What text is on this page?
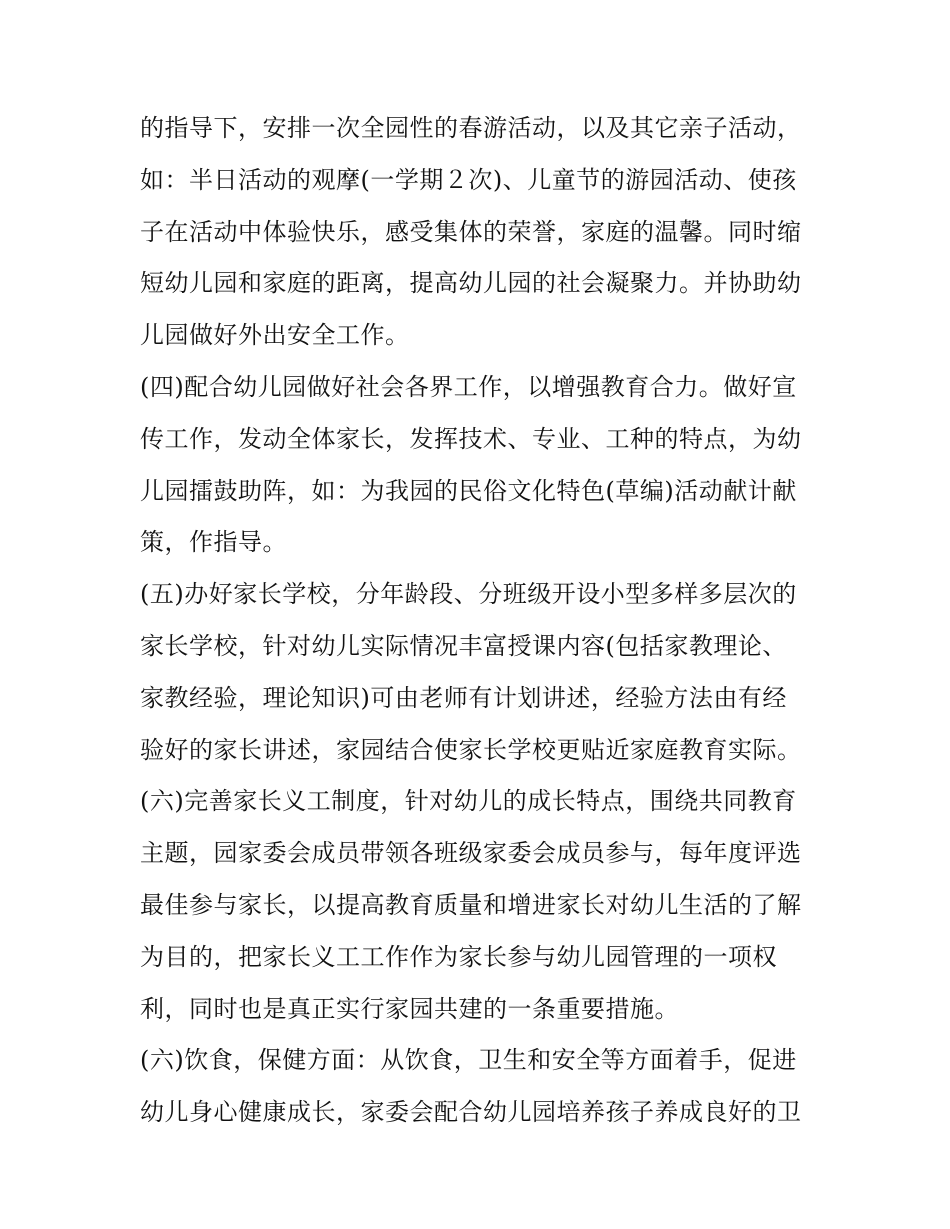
的指导下，安排一次全园性的春游活动，以及其它亲子活动，
如：半日活动的观摩(一学期２次)、儿童节的游园活动、使孩
子在活动中体验快乐，感受集体的荣誉，家庭的温馨。同时缩
短幼儿园和家庭的距离，提高幼儿园的社会凝聚力。并协助幼
儿园做好外出安全工作。
(四)配合幼儿园做好社会各界工作，以增强教育合力。做好宣
传工作，发动全体家长，发挥技术、专业、工种的特点，为幼
儿园擂鼓助阵，如：为我园的民俗文化特色(草编)活动献计献
策，作指导。
(五)办好家长学校，分年龄段、分班级开设小型多样多层次的
家长学校，针对幼儿实际情况丰富授课内容(包括家教理论、
家教经验，理论知识)可由老师有计划讲述，经验方法由有经
验好的家长讲述，家园结合使家长学校更贴近家庭教育实际。
(六)完善家长义工制度，针对幼儿的成长特点，围绕共同教育
主题，园家委会成员带领各班级家委会成员参与，每年度评选
最佳参与家长，以提高教育质量和增进家长对幼儿生活的了解
为目的，把家长义工工作作为家长参与幼儿园管理的一项权
利，同时也是真正实行家园共建的一条重要措施。
(六)饮食，保健方面：从饮食，卫生和安全等方面着手，促进
幼儿身心健康成长，家委会配合幼儿园培养孩子养成良好的卫
